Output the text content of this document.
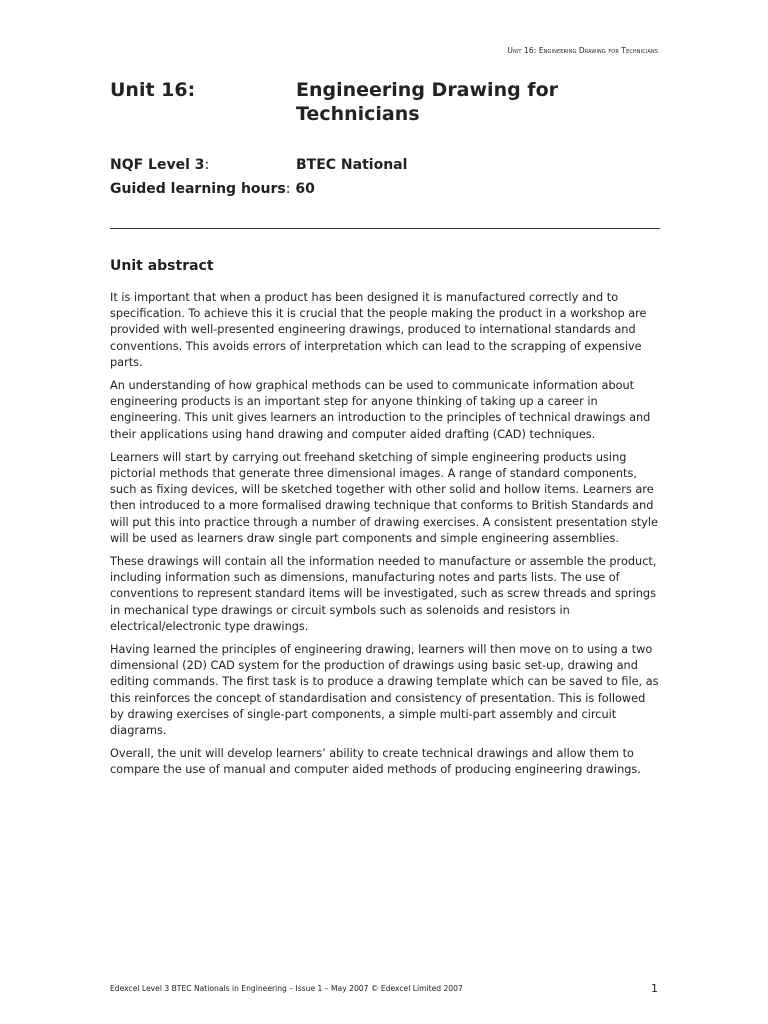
Unit 16: Engineering Drawing for Technicians
Unit 16:	Engineering Drawing for Technicians
NQF Level 3:	BTEC National
Guided learning hours: 60
Unit abstract

It is important that when a product has been designed it is manufactured correctly and to specification. To achieve this it is crucial that the people making the product in a workshop are provided with well-presented engineering drawings, produced to international standards and conventions. This avoids errors of interpretation which can lead to the scrapping of expensive parts.

An understanding of how graphical methods can be used to communicate information about engineering products is an important step for anyone thinking of taking up a career in engineering. This unit gives learners an introduction to the principles of technical drawings and their applications using hand drawing and computer aided drafting (CAD) techniques.

Learners will start by carrying out freehand sketching of simple engineering products using pictorial methods that generate three dimensional images. A range of standard components, such as fixing devices, will be sketched together with other solid and hollow items. Learners are then introduced to a more formalised drawing technique that conforms to British Standards and will put this into practice through a number of drawing exercises. A consistent presentation style will be used as learners draw single part components and simple engineering assemblies.

These drawings will contain all the information needed to manufacture or assemble the product, including information such as dimensions, manufacturing notes and parts lists. The use of conventions to represent standard items will be investigated, such as screw threads and springs in mechanical type drawings or circuit symbols such as solenoids and resistors in electrical/electronic type drawings.

Having learned the principles of engineering drawing, learners will then move on to using a two dimensional (2D) CAD system for the production of drawings using basic set-up, drawing and editing commands. The first task is to produce a drawing template which can be saved to file, as this reinforces the concept of standardisation and consistency of presentation. This is followed by drawing exercises of single-part components, a simple multi-part assembly and circuit diagrams.

Overall, the unit will develop learners’ ability to create technical drawings and allow them to compare the use of manual and computer aided methods of producing engineering drawings.

Edexcel Level 3 BTEC Nationals in Engineering – Issue 1 – May 2007 © Edexcel Limited 2007	1
